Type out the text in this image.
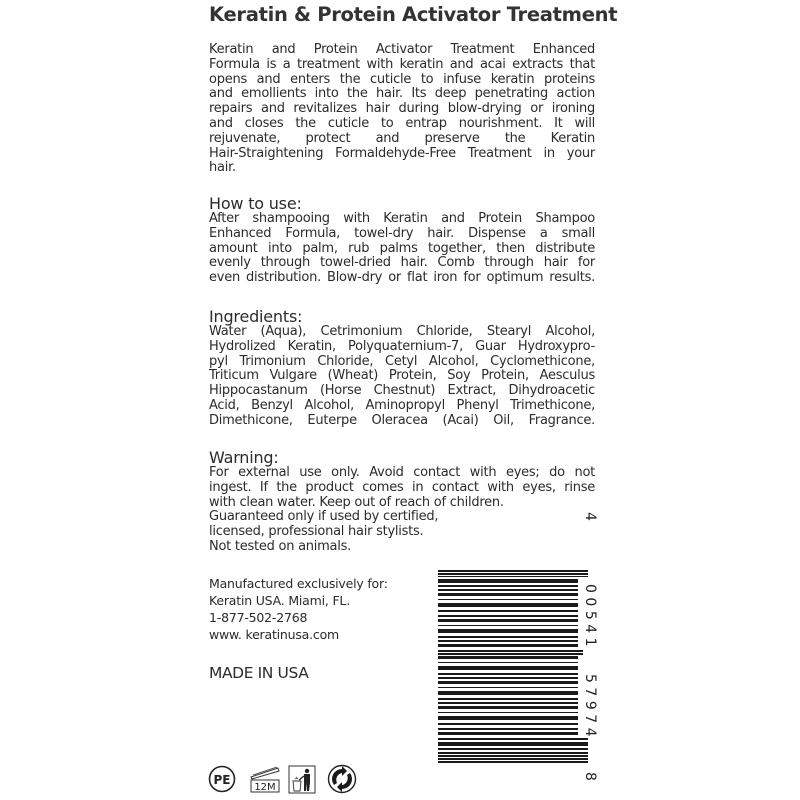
Keratin & Protein Activator Treatment
Keratin and Protein Activator Treatment Enhanced
Formula is a treatment with keratin and acai extracts that
opens and enters the cuticle to infuse keratin proteins
and emollients into the hair. Its deep penetrating action
repairs and revitalizes hair during blow-drying or ironing
and closes the cuticle to entrap nourishment. It will
rejuvenate, protect and preserve the Keratin
Hair-Straightening Formaldehyde-Free Treatment in your
hair.
How to use:
After shampooing with Keratin and Protein Shampoo
Enhanced Formula, towel-dry hair. Dispense a small
amount into palm, rub palms together, then distribute
evenly through towel-dried hair. Comb through hair for
even distribution. Blow-dry or flat iron for optimum results.
Ingredients:
Water (Aqua), Cetrimonium Chloride, Stearyl Alcohol,
Hydrolized Keratin, Polyquaternium-7, Guar Hydroxypro-
pyl Trimonium Chloride, Cetyl Alcohol, Cyclomethicone,
Triticum Vulgare (Wheat) Protein, Soy Protein, Aesculus
Hippocastanum (Horse Chestnut) Extract, Dihydroacetic
Acid, Benzyl Alcohol, Aminopropyl Phenyl Trimethicone,
Dimethicone, Euterpe Oleracea (Acai) Oil, Fragrance.
Warning:
For external use only. Avoid contact with eyes; do not
ingest. If the product comes in contact with eyes, rinse
with clean water. Keep out of reach of children.
Guaranteed only if used by certified,
licensed, professional hair stylists.
Not tested on animals.
Manufactured exclusively for:
Keratin USA. Miami, FL.
1-877-502-2768
www. keratinusa.com
MADE IN USA
4
00541
57974
8
PE
12M
